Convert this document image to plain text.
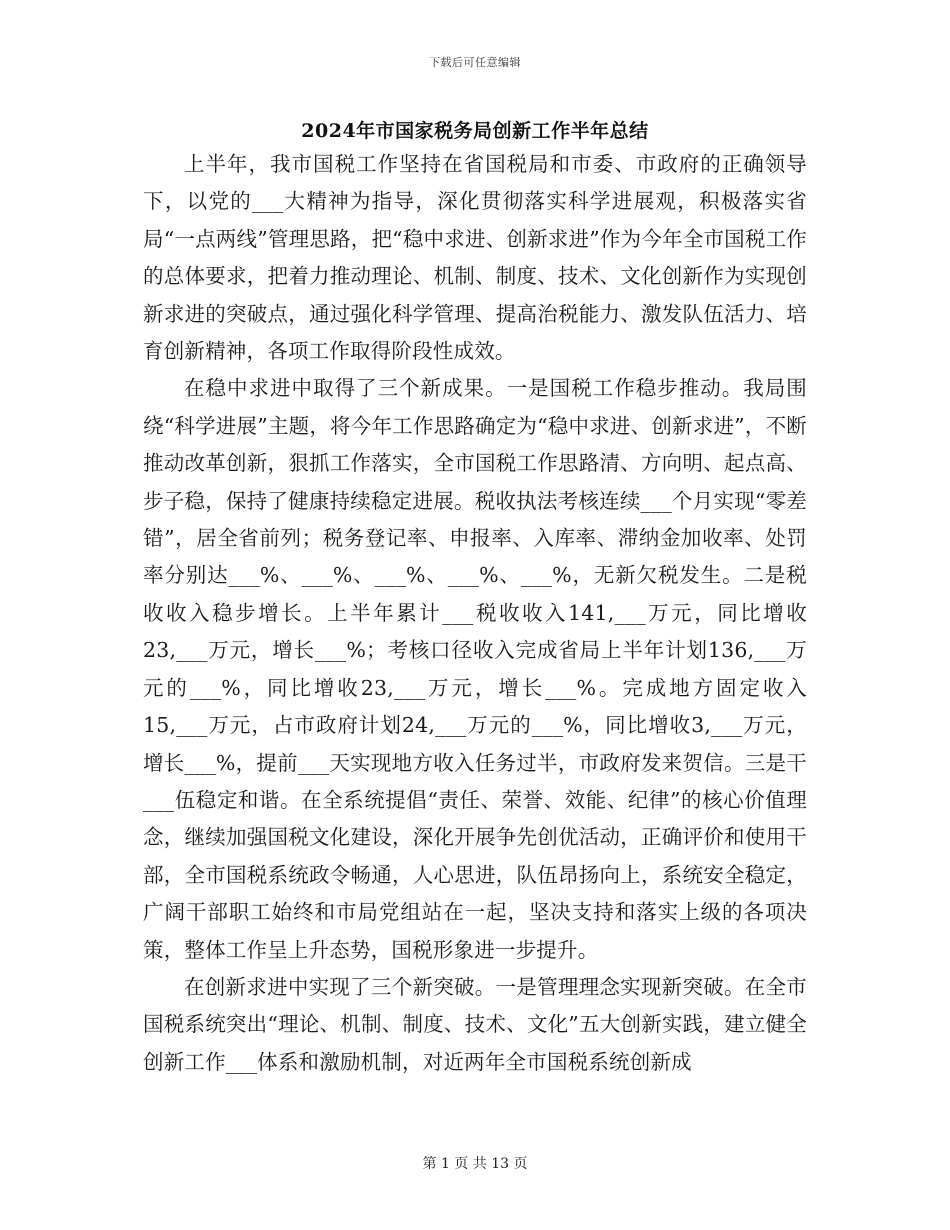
下载后可任意编辑
2024年市国家税务局创新工作半年总结

上半年，我市国税工作坚持在省国税局和市委、市政府的正确领导下，以党的___大精神为指导，深化贯彻落实科学进展观，积极落实省局“一点两线”管理思路，把“稳中求进、创新求进”作为今年全市国税工作的总体要求，把着力推动理论、机制、制度、技术、文化创新作为实现创新求进的突破点，通过强化科学管理、提高治税能力、激发队伍活力、培育创新精神，各项工作取得阶段性成效。

在稳中求进中取得了三个新成果。一是国税工作稳步推动。我局围绕“科学进展”主题，将今年工作思路确定为“稳中求进、创新求进”，不断推动改革创新，狠抓工作落实，全市国税工作思路清、方向明、起点高、步子稳，保持了健康持续稳定进展。税收执法考核连续___个月实现“零差错”，居全省前列；税务登记率、申报率、入库率、滞纳金加收率、处罚率分别达___%、___%、___%、___%、___%，无新欠税发生。二是税收收入稳步增长。上半年累计___税收收入141,___万元，同比增收23,___万元，增长___%；考核口径收入完成省局上半年计划136,___万元的___%，同比增收23,___万元，增长___%。完成地方固定收入15,___万元，占市政府计划24,___万元的___%，同比增收3,___万元，增长___%，提前___天实现地方收入任务过半，市政府发来贺信。三是干___伍稳定和谐。在全系统提倡“责任、荣誉、效能、纪律”的核心价值理念，继续加强国税文化建设，深化开展争先创优活动，正确评价和使用干部，全市国税系统政令畅通，人心思进，队伍昂扬向上，系统安全稳定，广阔干部职工始终和市局党组站在一起，坚决支持和落实上级的各项决策，整体工作呈上升态势，国税形象进一步提升。

在创新求进中实现了三个新突破。一是管理理念实现新突破。在全市国税系统突出“理论、机制、制度、技术、文化”五大创新实践，建立健全创新工作___体系和激励机制，对近两年全市国税系统创新成

第 1 页 共 13 页
